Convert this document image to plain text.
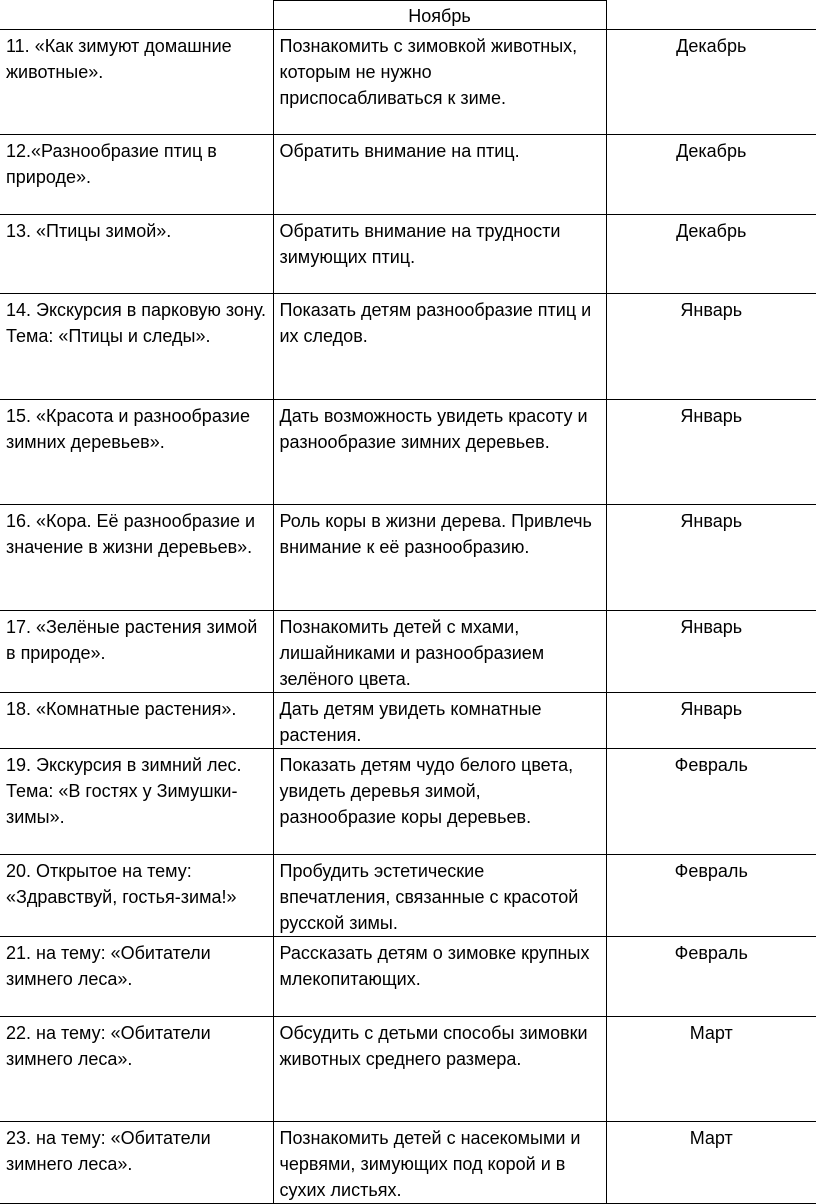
	Ноябрь	
11. «Как зимуют домашние животные».	Познакомить с зимовкой животных, которым не нужно приспосабливаться к зиме.	Декабрь
12.«Разнообразие птиц в природе».	Обратить внимание на птиц.	Декабрь
13. «Птицы зимой».	Обратить внимание на трудности зимующих птиц.	Декабрь
14. Экскурсия в парковую зону. Тема: «Птицы и следы».	Показать детям разнообразие птиц и их следов.	Январь
15. «Красота и разнообразие зимних деревьев».	Дать возможность увидеть красоту и разнообразие зимних деревьев.	Январь
16. «Кора. Её разнообразие и значение в жизни деревьев».	Роль коры в жизни дерева. Привлечь внимание к её разнообразию.	Январь
17. «Зелёные растения зимой в природе».	Познакомить детей с мхами, лишайниками и разнообразием зелёного цвета.	Январь
18. «Комнатные растения».	Дать детям увидеть комнатные растения.	Январь
19. Экскурсия в зимний лес. Тема: «В гостях у Зимушки-зимы».	Показать детям чудо белого цвета, увидеть деревья зимой, разнообразие коры деревьев.	Февраль
20. Открытое на тему: «Здравствуй, гостья-зима!»	Пробудить эстетические впечатления, связанные с красотой русской зимы.	Февраль
21. на тему: «Обитатели зимнего леса».	Рассказать детям о зимовке крупных млекопитающих.	Февраль
22. на тему: «Обитатели зимнего леса».	Обсудить с детьми способы зимовки животных среднего размера.	Март
23. на тему: «Обитатели зимнего леса».	Познакомить детей с насекомыми и червями, зимующих под корой и в сухих листьях.	Март
